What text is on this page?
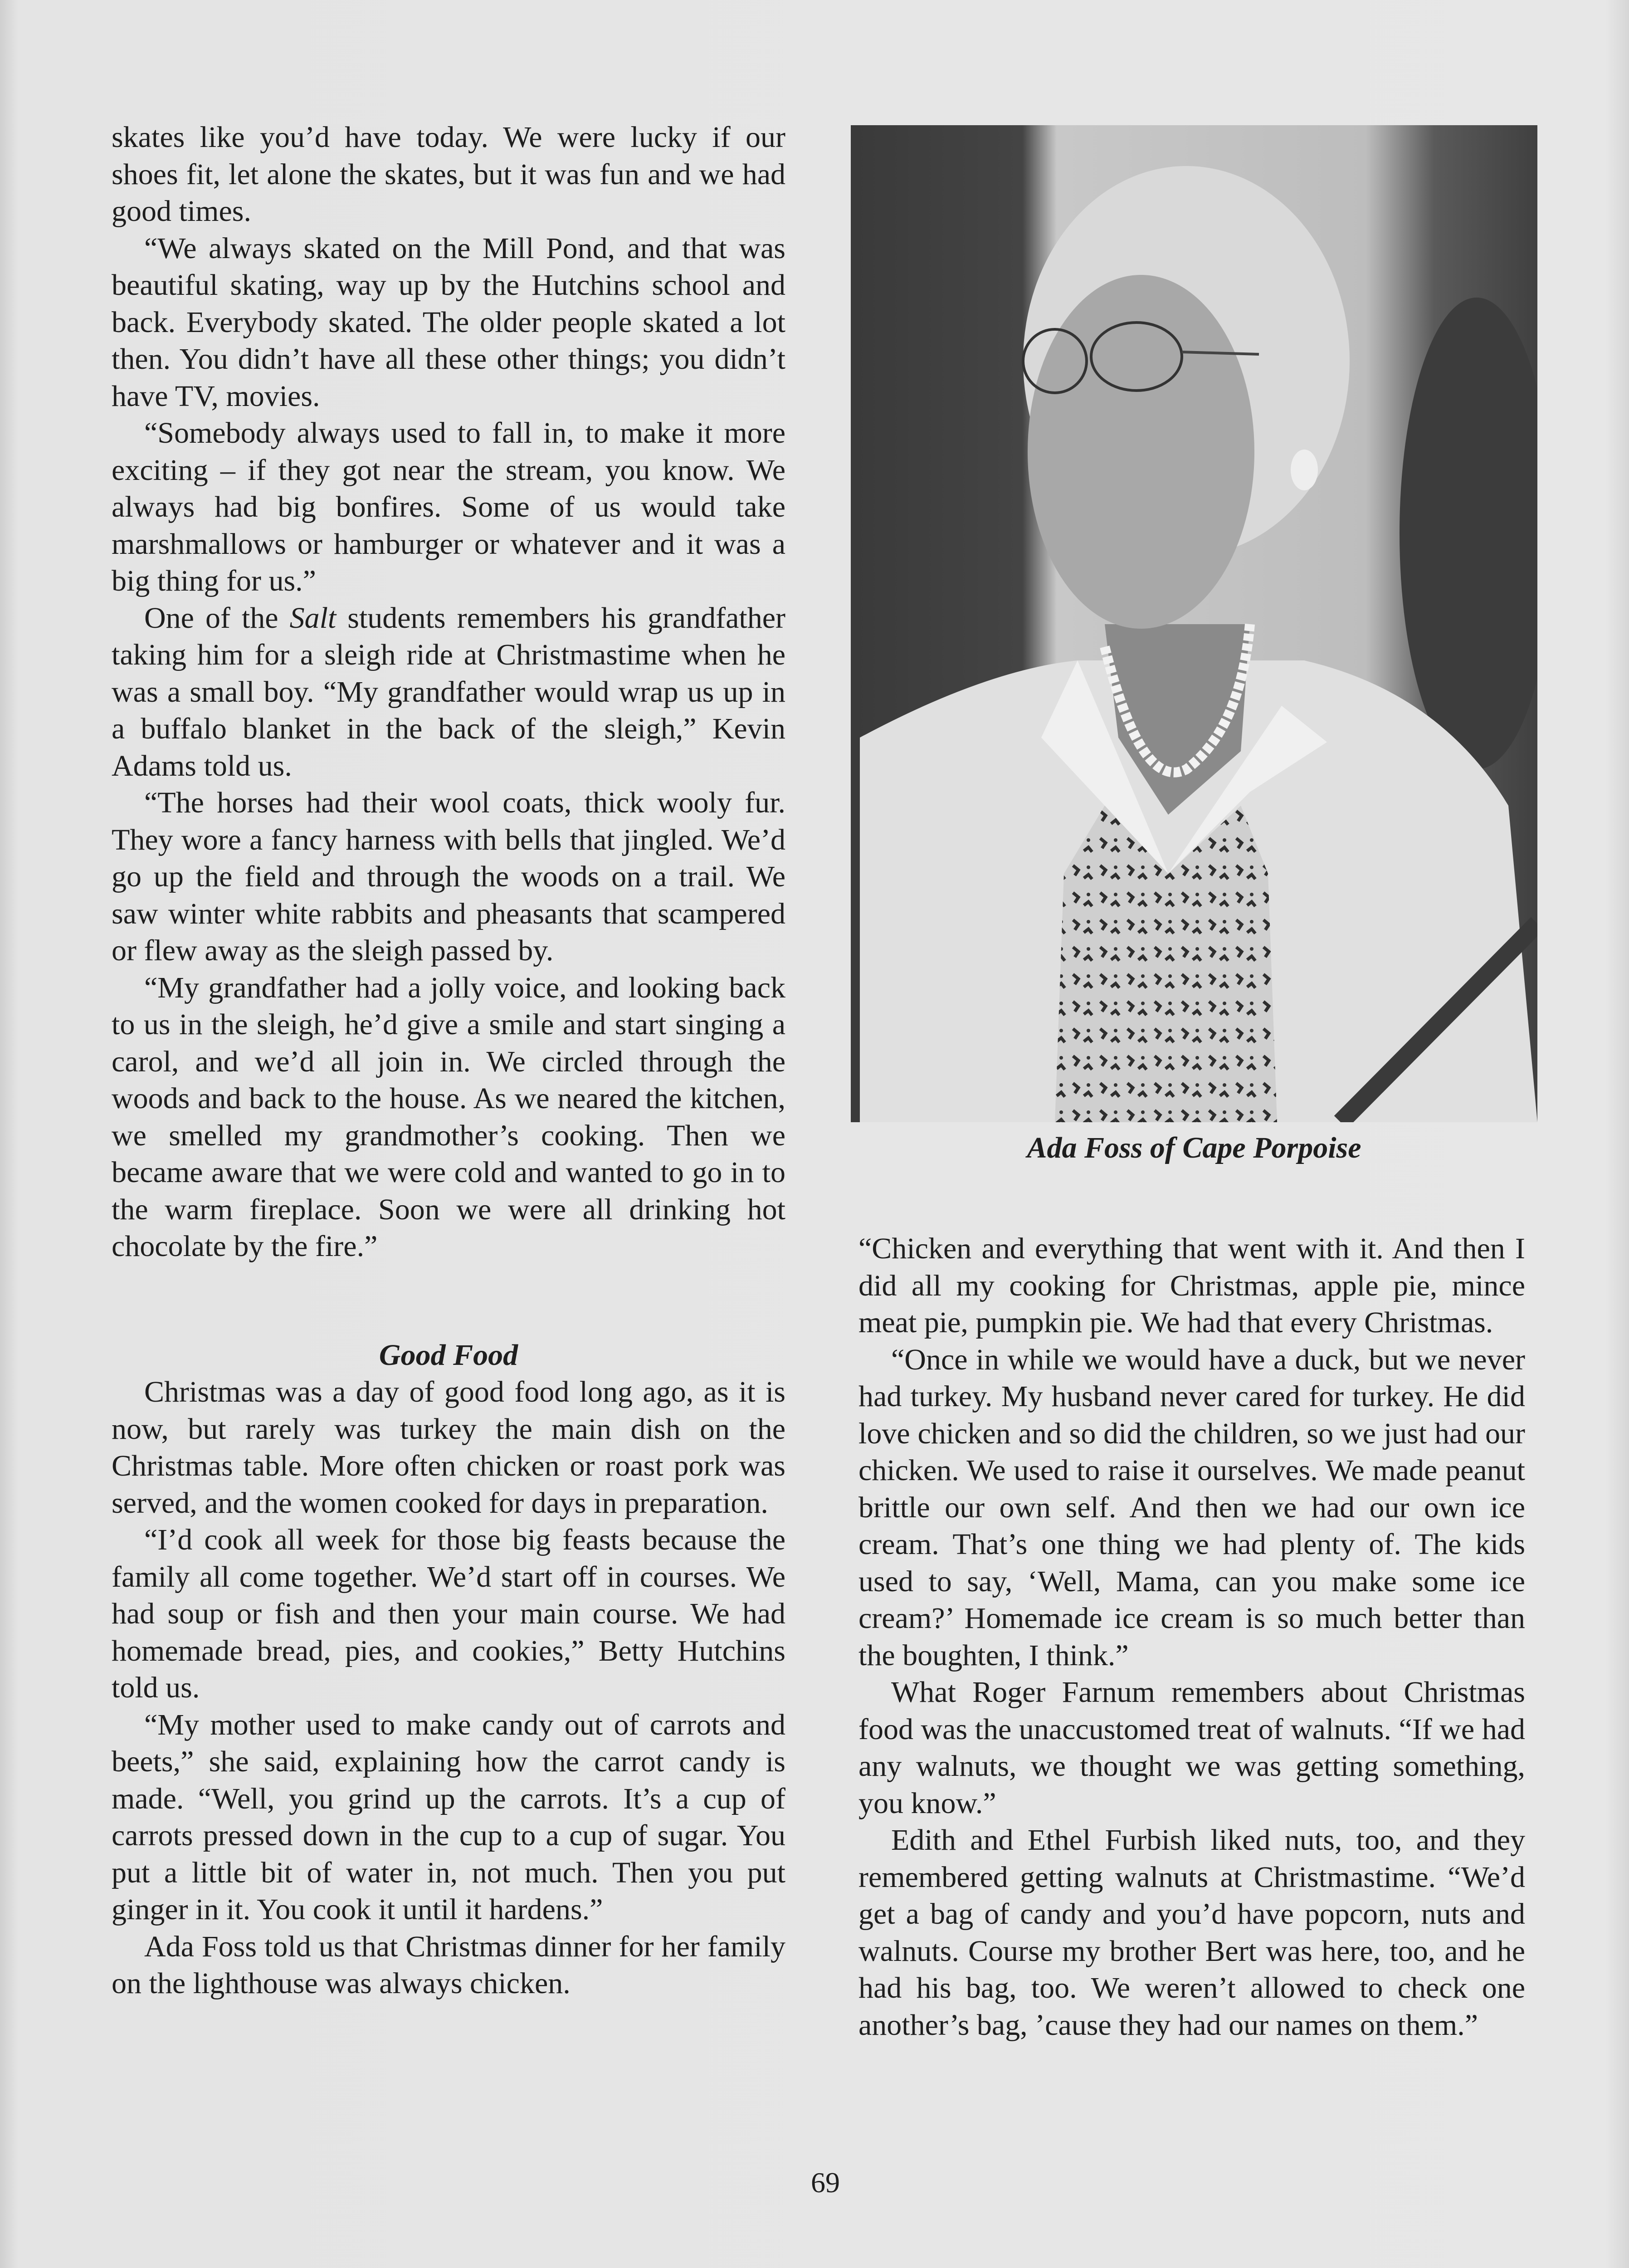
skates like you’d have today. We were lucky if our shoes fit, let alone the skates, but it was fun and we had good times.

“We always skated on the Mill Pond, and that was beautiful skating, way up by the Hutchins school and back. Everybody skated. The older people skated a lot then. You didn’t have all these other things; you didn’t have TV, movies.

“Somebody always used to fall in, to make it more exciting – if they got near the stream, you know. We always had big bonfires. Some of us would take marshmallows or hamburger or whatever and it was a big thing for us.”

One of the Salt students remembers his grandfather taking him for a sleigh ride at Christmastime when he was a small boy. “My grandfather would wrap us up in a buffalo blanket in the back of the sleigh,” Kevin Adams told us.

“The horses had their wool coats, thick wooly fur. They wore a fancy harness with bells that jingled. We’d go up the field and through the woods on a trail. We saw winter white rabbits and pheasants that scampered or flew away as the sleigh passed by.

“My grandfather had a jolly voice, and looking back to us in the sleigh, he’d give a smile and start singing a carol, and we’d all join in. We circled through the woods and back to the house. As we neared the kitchen, we smelled my grandmother’s cooking. Then we became aware that we were cold and wanted to go in to the warm fireplace. Soon we were all drinking hot chocolate by the fire.”

Good Food

Christmas was a day of good food long ago, as it is now, but rarely was turkey the main dish on the Christmas table. More often chicken or roast pork was served, and the women cooked for days in preparation.

“I’d cook all week for those big feasts because the family all come together. We’d start off in courses. We had soup or fish and then your main course. We had homemade bread, pies, and cookies,” Betty Hutchins told us.

“My mother used to make candy out of carrots and beets,” she said, explaining how the carrot candy is made. “Well, you grind up the carrots. It’s a cup of carrots pressed down in the cup to a cup of sugar. You put a little bit of water in, not much. Then you put ginger in it. You cook it until it hardens.”

Ada Foss told us that Christmas dinner for her family on the lighthouse was always chicken.

Ada Foss of Cape Porpoise

“Chicken and everything that went with it. And then I did all my cooking for Christmas, apple pie, mince meat pie, pumpkin pie. We had that every Christmas.

“Once in while we would have a duck, but we never had turkey. My husband never cared for turkey. He did love chicken and so did the children, so we just had our chicken. We used to raise it ourselves. We made peanut brittle our own self. And then we had our own ice cream. That’s one thing we had plenty of. The kids used to say, ‘Well, Mama, can you make some ice cream?’ Homemade ice cream is so much better than the boughten, I think.”

What Roger Farnum remembers about Christmas food was the unaccustomed treat of walnuts. “If we had any walnuts, we thought we was getting something, you know.”

Edith and Ethel Furbish liked nuts, too, and they remembered getting walnuts at Christmastime. “We’d get a bag of candy and you’d have popcorn, nuts and walnuts. Course my brother Bert was here, too, and he had his bag, too. We weren’t allowed to check one another’s bag, ’cause they had our names on them.”

69
